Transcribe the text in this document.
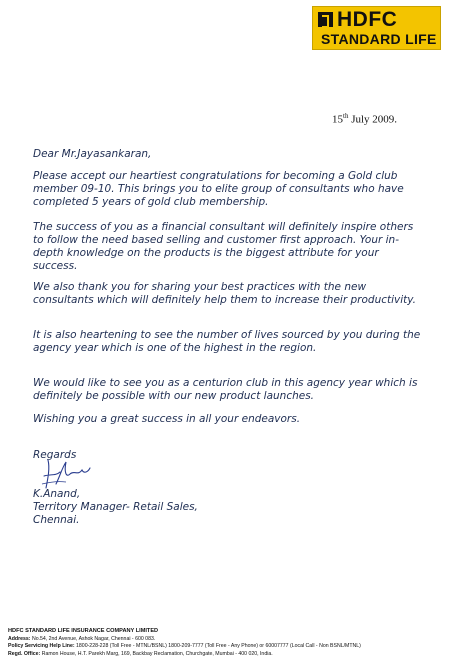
HDFC
STANDARD LIFE
15th July 2009.

Dear Mr.Jayasankaran,

Please accept our heartiest congratulations for becoming a Gold club member 09-10. This brings you to elite group of consultants who have completed 5 years of gold club membership.

The success of you as a financial consultant will definitely inspire others to follow the need based selling and customer first approach. Your in-depth knowledge on the products is the biggest attribute for your success.

We also thank you for sharing your best practices with the new consultants which will definitely help them to increase their productivity.

It is also heartening to see the number of lives sourced by you during the agency year which is one of the highest in the region.

We would like to see you as a centurion club in this agency year which is definitely be possible with our new product launches.

Wishing you a great success in all your endeavors.

Regards

K.Anand,

Territory Manager- Retail Sales,

Chennai.

HDFC STANDARD LIFE INSURANCE COMPANY LIMITED
Address: No.54, 2nd Avenue, Ashok Nagar, Chennai - 600 083.
Policy Servicing Help Line: 1800-228-228 (Toll Free - MTNL/BSNL) 1800-209-7777 (Toll Free - Any Phone) or 60007777 (Local Call - Non BSNL/MTNL)
Regd. Office: Ramon House, H.T. Parekh Marg, 169, Backbay Reclamation, Churchgate, Mumbai - 400 020, India.
